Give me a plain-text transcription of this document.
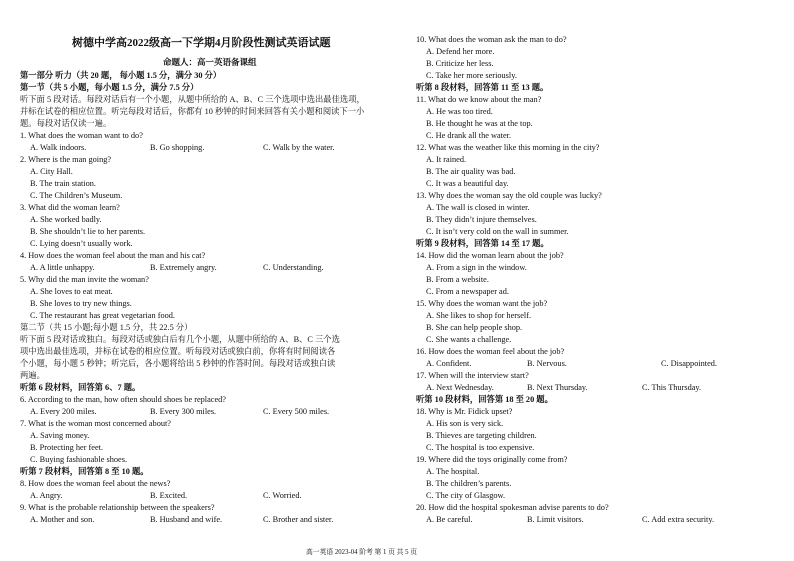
树德中学高2022级高一下学期4月阶段性测试英语试题
命题人：高一英语备课组
第一部分 听力（共 20 题， 每小题 1.5 分，满分 30 分）
第一节（共 5 小题，每小题 1.5 分，满分 7.5 分）
听下面 5 段对话。每段对话后有一个小题，从题中所给的 A、B、C 三个选项中选出最佳选项，
并标在试卷的相应位置。听完每段对话后，你都有 10 秒钟的时间来回答有关小题和阅读下一小
题。每段对话仅读一遍。
1. What does the woman want to do?
A. Walk indoors.	B. Go shopping.	C. Walk by the water.
2. Where is the man going?
A. City Hall.
B. The train station.
C. The Children’s Museum.
3. What did the woman learn?
A. She worked badly.
B. She shouldn’t lie to her parents.
C. Lying doesn’t usually work.
4. How does the woman feel about the man and his cat?
A. A little unhappy.	B. Extremely angry.	C. Understanding.
5. Why did the man invite the woman?
A. She loves to eat meat.
B. She loves to try new things.
C. The restaurant has great vegetarian food.
第二节（共 15 小题;每小题 1.5 分，共 22.5 分）
听下面 5 段对话或独白。每段对话或独白后有几个小题，从题中所给的 A、B、C 三个选
项中选出最佳选项，并标在试卷的相应位置。听每段对话或独白前，你将有时间阅读各
个小题，每小题 5 秒钟；听完后，各小题将给出 5 秒钟的作答时间。每段对话或独白读
两遍。
听第 6 段材料，回答第 6、7 题。
6. According to the man, how often should shoes be replaced?
A. Every 200 miles.	B. Every 300 miles.	C. Every 500 miles.
7. What is the woman most concerned about?
A. Saving money.
B. Protecting her feet.
C. Buying fashionable shoes.
听第 7 段材料，回答第 8 至 10 题。
8. How does the woman feel about the news?
A. Angry.	B. Excited.	C. Worried.
9. What is the probable relationship between the speakers?
A. Mother and son.	B. Husband and wife.	C. Brother and sister.
10. What does the woman ask the man to do?
A. Defend her more.
B. Criticize her less.
C. Take her more seriously.
听第 8 段材料，回答第 11 至 13 题。
11. What do we know about the man?
A. He was too tired.
B. He thought he was at the top.
C. He drank all the water.
12. What was the weather like this morning in the city?
A. It rained.
B. The air quality was bad.
C. It was a beautiful day.
13. Why does the woman say the old couple was lucky?
A. The wall is closed in winter.
B. They didn’t injure themselves.
C. It isn’t very cold on the wall in summer.
听第 9 段材料，回答第 14 至 17 题。
14. How did the woman learn about the job?
A. From a sign in the window.
B. From a website.
C. From a newspaper ad.
15. Why does the woman want the job?
A. She likes to shop for herself.
B. She can help people shop.
C. She wants a challenge.
16. How does the woman feel about the job?
A. Confident.	B. Nervous.	C. Disappointed.
17. When will the interview start?
A. Next Wednesday.	B. Next Thursday.	C. This Thursday.
听第 10 段材料，回答第 18 至 20 题。
18. Why is Mr. Fidick upset?
A. His son is very sick.
B. Thieves are targeting children.
C. The hospital is too expensive.
19. Where did the toys originally come from?
A. The hospital.
B. The children’s parents.
C. The city of Glasgow.
20. How did the hospital spokesman advise parents to do?
A. Be careful.	B. Limit visitors.	C. Add extra security.
高一英语 2023-04 阶考 第 1 页 共 5 页
